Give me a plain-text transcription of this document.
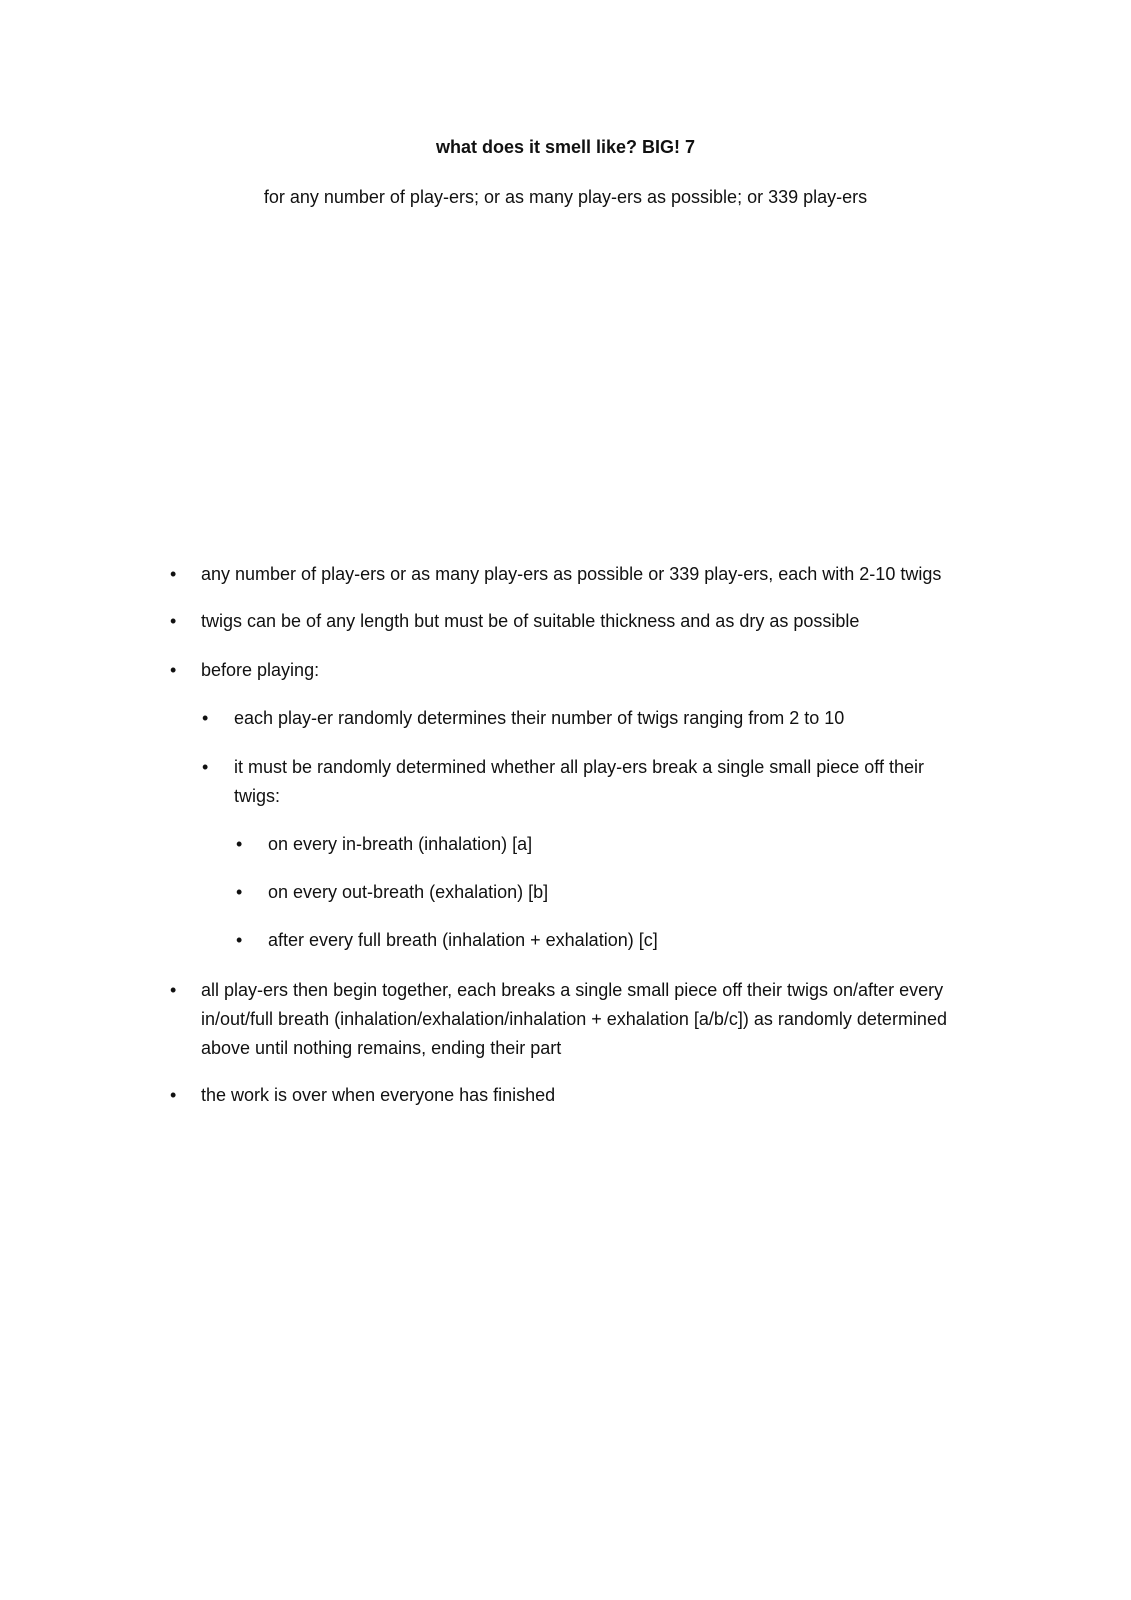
what does it smell like? BIG! 7

for any number of play-ers; or as many play-ers as possible; or 339 play-ers

• any number of play-ers or as many play-ers as possible or 339 play-ers, each with 2-10 twigs
• twigs can be of any length but must be of suitable thickness and as dry as possible
• before playing:
• each play-er randomly determines their number of twigs ranging from 2 to 10
• it must be randomly determined whether all play-ers break a single small piece off their twigs:
• on every in-breath (inhalation) [a]
• on every out-breath (exhalation) [b]
• after every full breath (inhalation + exhalation) [c]
• all play-ers then begin together, each breaks a single small piece off their twigs on/after every in/out/full breath (inhalation/exhalation/inhalation + exhalation [a/b/c]) as randomly determined above until nothing remains, ending their part
• the work is over when everyone has finished
